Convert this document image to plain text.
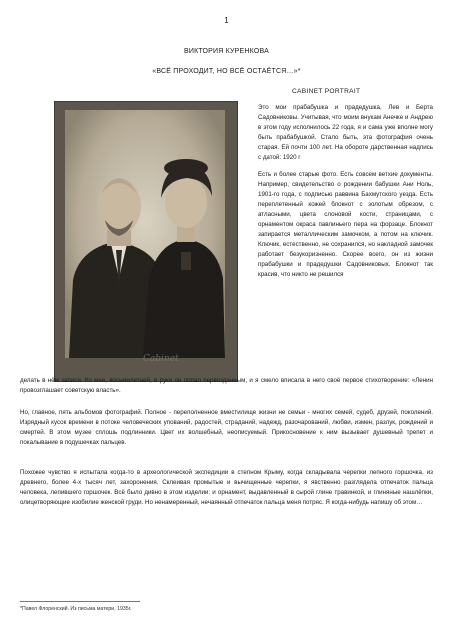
1
ВИКТОРИЯ КУРЕНКОВА
«ВСЁ ПРОХОДИТ, НО ВСЁ ОСТАЁТСЯ…»*
CABINET PORTRAIT
Cabinet

Это мои прабабушка и прадедушка, Лев и Берта Садовниковы. Учитывая, что моим внукам Анечке и Андрею в этом году исполнилось 22 года, я и сама уже вполне могу быть прабабушкой. Стало быть, эта фотография очень старая. Ей почти 100 лет. На обороте дарственная надпись с датой: 1920 г

Есть и более старые фото. Есть совсем ветхие документы. Например, свидетельство о рождении бабушки Ани Ноль, 1901-го года, с подписью раввина Бахмутского уезда. Есть переплетенный кожей блокнот с золотым обрезом, с атласными, цвета слоновой кости, страницами, с орнаментом окраса павлиньего пера на форзаце. Блокнот запирается металлическим замочком, а потом на ключик. Ключик, естественно, не сохранился, но накладной замочек работает безукоризненно. Скорее всего, он из жизни прабабушки и прадедушки Садовниковых. Блокнот так красив, что никто не решился

делать в нём записи. Ко мне, восьмилетней, в руки он попал первозданным, и я смело вписала в него своё первое стихотворение: «Ленин провозглашает советскую власть».

Но, главное, пять альбомов фотографий. Полное - переполненное вместилище жизни не семьи - многих семей, судеб, друзей, поколений. Изрядный кусок времени в потоке человеческих упований, радостей, страданий, надежд, разочарований, любви, измен, разлук, рождений и смертей. В этом музее сплошь подлинники. Цвет их волшебный, неописуемый. Прикосновение к ним вызывает душевный трепет и покалывание в подушечках пальцев.

Похожее чувство я испытала когда-то в археологической экспедиции в степном Крыму, когда складывала черепки лепного горшочка, из древнего, более 4-х тысяч лет, захоронения. Склеивая промытые и вычищенные черепки, я явственно разглядела отпечаток пальца человека, лепившего горшочек. Всё было дивно в этом изделии: и орнамент, выдавленный в сырой глине травинкой, и глиняные нашлёпки, олицетворяющие изобилие женской груди. Но ненамеренный, нечаянный отпечаток пальца меня потряс. Я когда-нибудь напишу об этом…

*Павел Флоренский. Из письма матери, 1935г.
